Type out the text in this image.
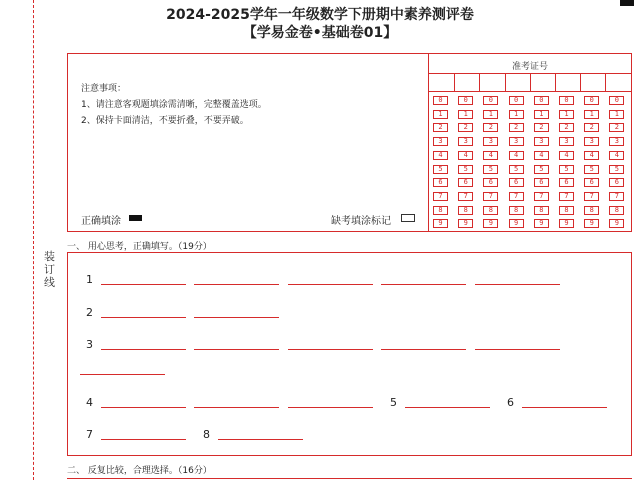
装订线
2024-2025学年一年级数学下册期中素养测评卷
【学易金卷•基础卷01】
注意事项：
1、请注意客观题填涂需清晰，完整覆盖选项。
2、保持卡面清洁，不要折叠，不要弄破。
正确填涂	缺考填涂标记
准考证号
0	0	0	0	0	0	0	0
1	1	1	1	1	1	1	1
2	2	2	2	2	2	2	2
3	3	3	3	3	3	3	3
4	4	4	4	4	4	4	4
5	5	5	5	5	5	5	5
6	6	6	6	6	6	6	6
7	7	7	7	7	7	7	7
8	8	8	8	8	8	8	8
9	9	9	9	9	9	9	9
一、 用心思考，正确填写。（19分）
1
2
3
4	5	6
7	8
二、 反复比较，合理选择。（16分）
